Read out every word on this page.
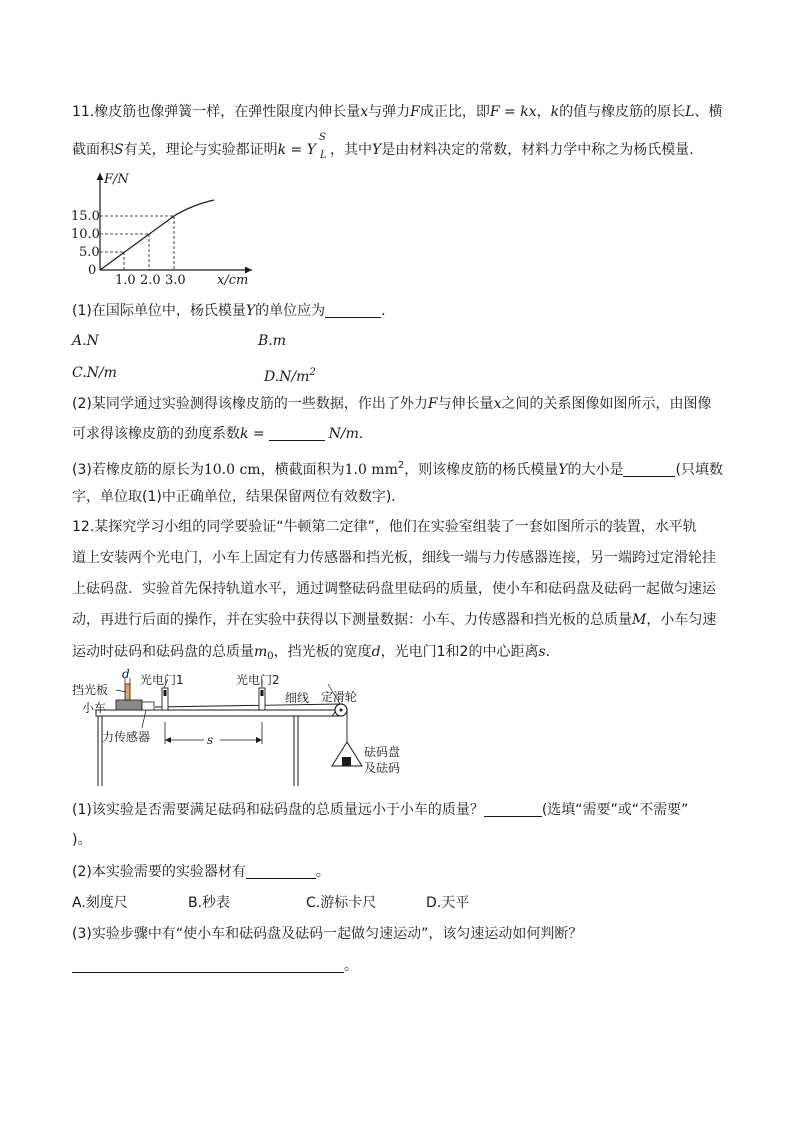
11.橡皮筋也像弹簧一样，在弹性限度内伸长量x与弹力F成正比，即F = kx，k的值与橡皮筋的原长L、横
截面积S有关，理论与实验都证明k = Y
S
L ，其中Y是由材料决定的常数，材料力学中称之为杨氏模量．
F/N
x/cm
0
15.0
10.0
5.0
1.0 2.0 3.0
(1)在国际单位中，杨氏模量Y的单位应为	．
A.N	B.m
C.N/m	$D.N/m^2$
(2)某同学通过实验测得该橡皮筋的一些数据，作出了外力F与伸长量x之间的关系图像如图所示，由图像
可求得该橡皮筋的劲度系数k =	N/m．
(3)若橡皮筋的原长为10.0 cm，横截面积为1.0 $mm^2$，则该橡皮筋的杨氏模量Y的大小是	(只填数
字，单位取(1)中正确单位，结果保留两位有效数字)．
12.某探究学习小组的同学要验证“牛顿第二定律”，他们在实验室组装了一套如图所示的装置，水平轨
道上安装两个光电门，小车上固定有力传感器和挡光板，细线一端与力传感器连接，另一端跨过定滑轮挂
上砝码盘．实验首先保持轨道水平，通过调整砝码盘里砝码的质量，使小车和砝码盘及砝码一起做匀速运
动，再进行后面的操作，并在实验中获得以下测量数据：小车、力传感器和挡光板的总质量M，小车匀速
运动时砝码和砝码盘的总质量$m_0$，挡光板的宽度d，光电门1和2的中心距离s．
挡光板
d 光电门1	光电门2
细线 定滑轮
小车
力传感器	s
砝码盘
及砝码
(1)该实验是否需要满足砝码和砝码盘的总质量远小于小车的质量？	(选填“需要”或“不需要”
)。
(2)本实验需要的实验器材有	。
A.刻度尺	B.秒表	C.游标卡尺	D.天平
(3)实验步骤中有“使小车和砝码盘及砝码一起做匀速运动”，该匀速运动如何判断？
。
